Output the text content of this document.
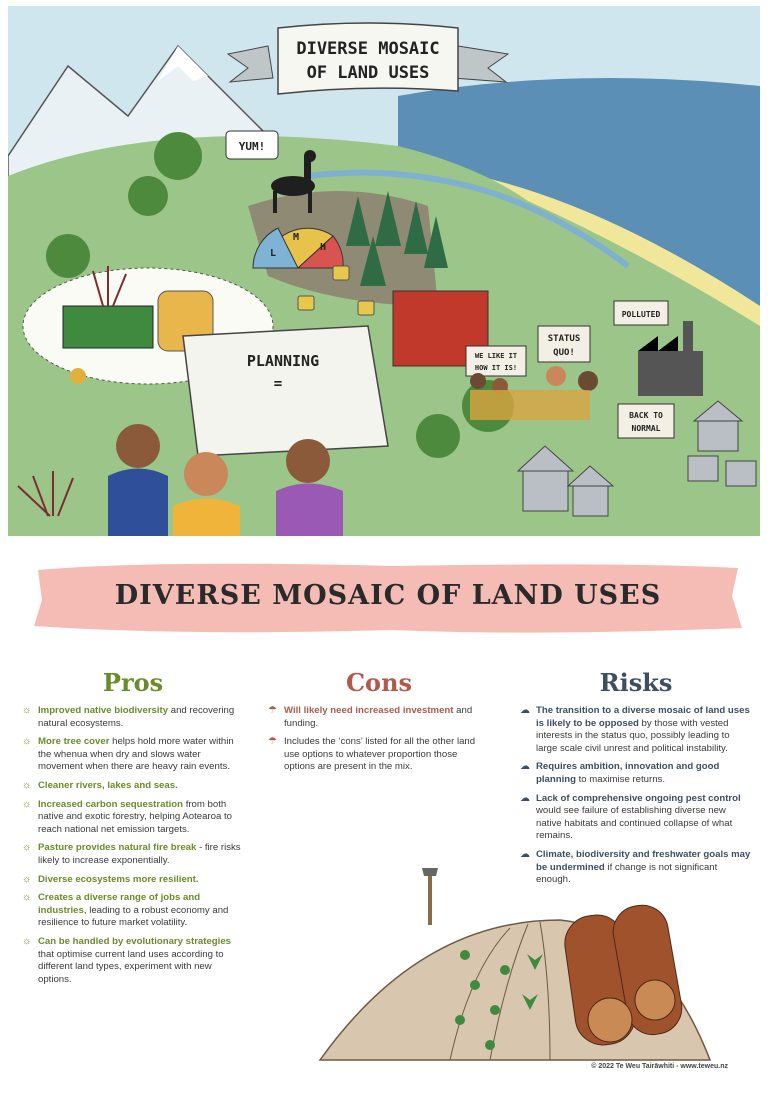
DIVERSE MOSAIC
OF LAND USES
YUM!
L
M
H
PLANNING
=
WE LIKE IT
HOW IT IS!
STATUS
QUO!
POLLUTED
BACK TO
NORMAL
DIVERSE MOSAIC OF LAND USES
Pros
☼ Improved native biodiversity and recovering natural ecosystems.
☼ More tree cover helps hold more water within the whenua when dry and slows water movement when there are heavy rain events.
☼ Cleaner rivers, lakes and seas.
☼ Increased carbon sequestration from both native and exotic forestry, helping Aotearoa to reach national net emission targets.
☼ Pasture provides natural fire break - fire risks likely to increase exponentially.
☼ Diverse ecosystems more resilient.
☼ Creates a diverse range of jobs and industries, leading to a robust economy and resilience to future market volatility.
☼ Can be handled by evolutionary strategies that optimise current land uses according to different land types, experiment with new options.
Cons
☂ Will likely need increased investment and funding.
☂ Includes the ‘cons’ listed for all the other land use options to whatever proportion those options are present in the mix.
Risks
☁ The transition to a diverse mosaic of land uses is likely to be opposed by those with vested interests in the status quo, possibly leading to large scale civil unrest and political instability.
☁ Requires ambition, innovation and good planning to maximise returns.
☁ Lack of comprehensive ongoing pest control would see failure of establishing diverse new native habitats and continued collapse of what remains.
☁ Climate, biodiversity and freshwater goals may be undermined if change is not significant enough.
© 2022 Te Weu Tairāwhiti - www.teweu.nz
